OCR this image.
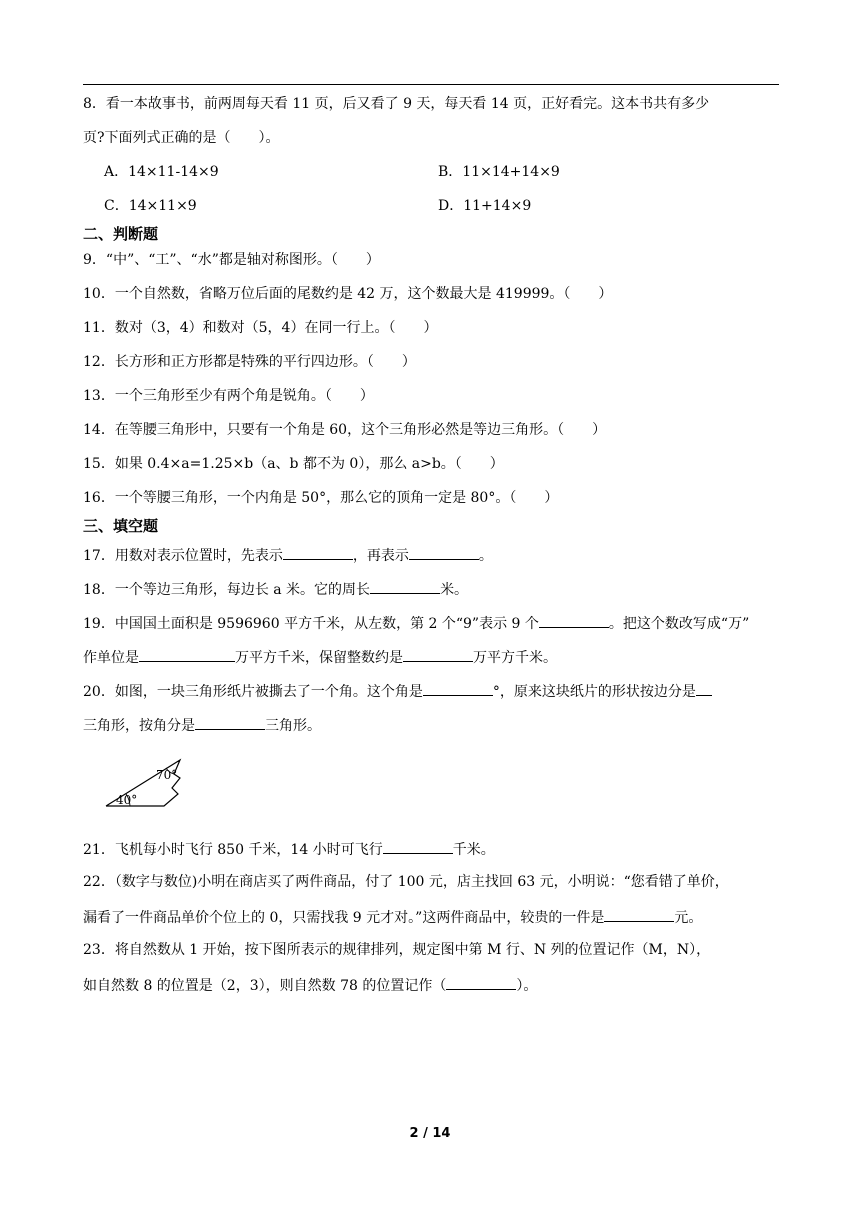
8．看一本故事书，前两周每天看 11 页，后又看了 9 天，每天看 14 页，正好看完。这本书共有多少
页?下面列式正确的是（　　）。
A．14×11-14×9	B．11×14+14×9
C．14×11×9	D．11+14×9
二、判断题
9．“中”、“工”、“水”都是轴对称图形。（　　）
10．一个自然数，省略万位后面的尾数约是 42 万，这个数最大是 419999。（　　）
11．数对（3，4）和数对（5，4）在同一行上。（　　）
12．长方形和正方形都是特殊的平行四边形。（　　）
13．一个三角形至少有两个角是锐角。（　　）
14．在等腰三角形中，只要有一个角是 60，这个三角形必然是等边三角形。（　　）
15．如果 0.4×a=1.25×b（a、b 都不为 0），那么 a>b。（　　）
16．一个等腰三角形，一个内角是 50°，那么它的顶角一定是 80°。（　　）
三、填空题
17．用数对表示位置时，先表示	，再表示	。
18．一个等边三角形，每边长 a 米。它的周长	米。
19．中国国土面积是 9596960 平方千米，从左数，第 2 个“9”表示 9 个	。把这个数改写成“万”
作单位是	万平方千米，保留整数约是	万平方千米。
20．如图，一块三角形纸片被撕去了一个角。这个角是	°，原来这块纸片的形状按边分是
三角形，按角分是	三角形。
70°
40°
21．飞机每小时飞行 850 千米，14 小时可飞行	千米。
22．（数字与数位)小明在商店买了两件商品，付了 100 元，店主找回 63 元，小明说：“您看错了单价，
漏看了一件商品单价个位上的 0，只需找我 9 元才对。”这两件商品中，较贵的一件是	元。
23．将自然数从 1 开始，按下图所表示的规律排列，规定图中第 M 行、N 列的位置记作（M，N），
如自然数 8 的位置是（2，3），则自然数 78 的位置记作（	）。
2 / 14
